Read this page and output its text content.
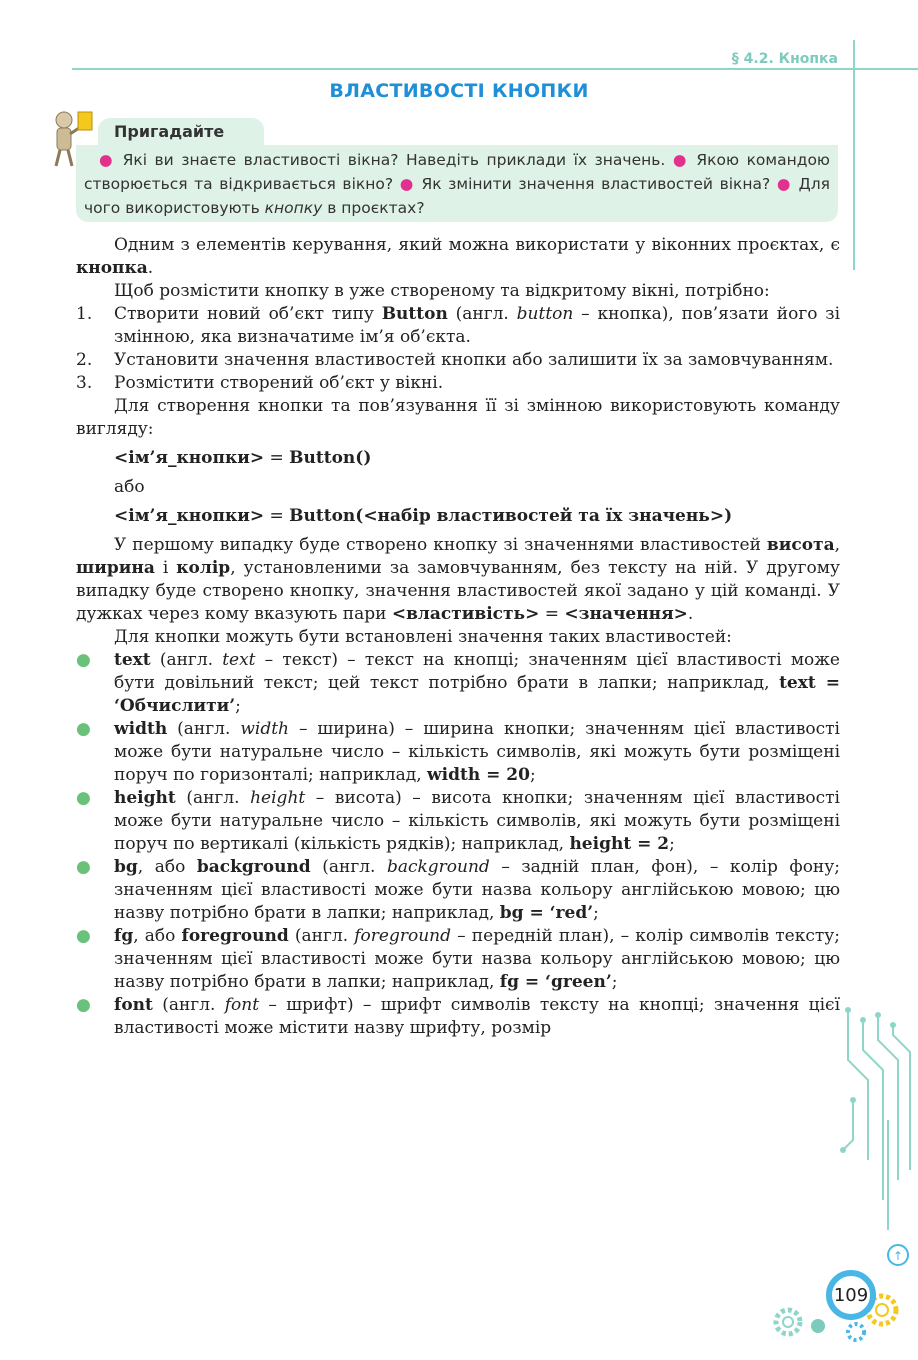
§ 4.2. Кнопка
ВЛАСТИВОСТІ КНОПКИ
Пригадайте
● Які ви знаєте властивості вікна? Наведіть приклади їх значень. ● Якою командою створюється та відкривається вікно? ● Як змінити значення властивостей вікна? ● Для чого використовують кнопку в проєктах?

Одним з елементів керування, який можна використати у віконних проєктах, є кнопка.

Щоб розмістити кнопку в уже створеному та відкритому вікні, потрібно:

1. Створити новий об’єкт типу Button (англ. button – кнопка), пов’язати його зі змінною, яка визначатиме ім’я об’єкта.

2. Установити значення властивостей кнопки або залишити їх за замовчуванням.

3. Розмістити створений об’єкт у вікні.

Для створення кнопки та пов’язування її зі змінною використовують команду вигляду:

<ім’я_кнопки> = Button()

або

<ім’я_кнопки> = Button(<набір властивостей та їх значень>)

У першому випадку буде створено кнопку зі значеннями властивостей висота, ширина і колір, установленими за замовчуванням, без тексту на ній. У другому випадку буде створено кнопку, значення властивостей якої задано у цій команді. У дужках через кому вказують пари <властивість> = <значення>.

Для кнопки можуть бути встановлені значення таких властивостей:

● text (англ. text – текст) – текст на кнопці; значенням цієї властивості може бути довільний текст; цей текст потрібно брати в лапки; наприклад, text = ‘Обчислити’;

● width (англ. width – ширина) – ширина кнопки; значенням цієї властивості може бути натуральне число – кількість символів, які можуть бути розміщені поруч по горизонталі; наприклад, width = 20;

● height (англ. height – висота) – висота кнопки; значенням цієї властивості може бути натуральне число – кількість символів, які можуть бути розміщені поруч по вертикалі (кількість рядків); наприклад, height = 2;

● bg, або background (англ. background – задній план, фон), – колір фону; значенням цієї властивості може бути назва кольору англійською мовою; цю назву потрібно брати в лапки; наприклад, bg = ‘red’;

● fg, або foreground (англ. foreground – передній план), – колір символів тексту; значенням цієї властивості може бути назва кольору англійською мовою; цю назву потрібно брати в лапки; наприклад, fg = ‘green’;

● font (англ. font – шрифт) – шрифт символів тексту на кнопці; значення цієї властивості може містити назву шрифту, розмір

↑
109
